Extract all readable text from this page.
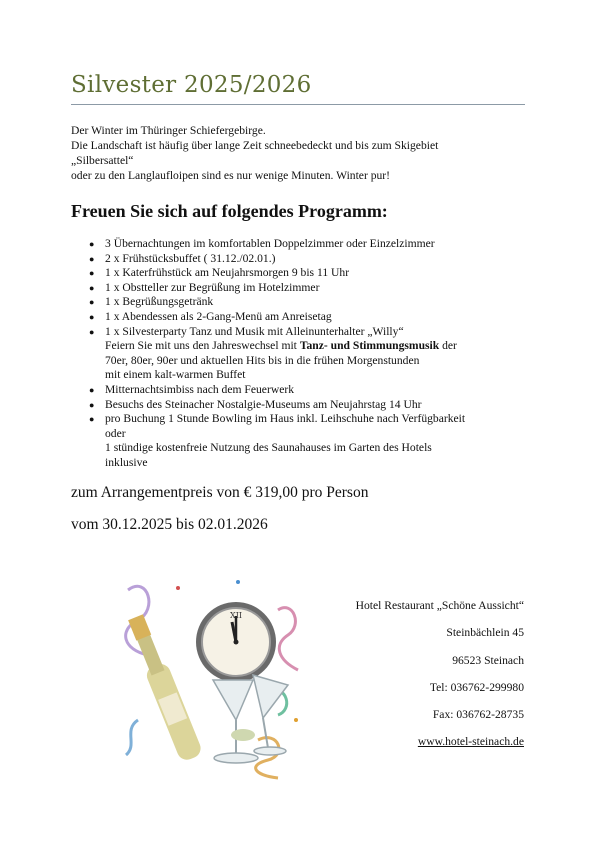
Silvester 2025/2026
Der Winter im Thüringer Schiefergebirge.
Die Landschaft ist häufig über lange Zeit schneebedeckt und bis zum Skigebiet
„Silbersattel“
oder zu den Langlaufloipen sind es nur wenige Minuten. Winter pur!
Freuen Sie sich auf folgendes Programm:
● 3 Übernachtungen im komfortablen Doppelzimmer oder Einzelzimmer
● 2 x Frühstücksbuffet ( 31.12./02.01.)
● 1 x Katerfrühstück am Neujahrsmorgen 9 bis 11 Uhr
● 1 x Obstteller zur Begrüßung im Hotelzimmer
● 1 x Begrüßungsgetränk
● 1 x Abendessen als 2-Gang-Menü am Anreisetag
● 1 x Silvesterparty Tanz und Musik mit Alleinunterhalter „Willy“
Feiern Sie mit uns den Jahreswechsel mit Tanz- und Stimmungsmusik der
70er, 80er, 90er und aktuellen Hits bis in die frühen Morgenstunden
mit einem kalt-warmen Buffet
● Mitternachtsimbiss nach dem Feuerwerk
● Besuchs des Steinacher Nostalgie-Museums am Neujahrstag 14 Uhr
● pro Buchung 1 Stunde Bowling im Haus inkl. Leihschuhe nach Verfügbarkeit
oder
1 stündige kostenfreie Nutzung des Saunahauses im Garten des Hotels
inklusive
zum Arrangementpreis von € 319,00 pro Person
vom 30.12.2025 bis 02.01.2026
XII
Hotel Restaurant „Schöne Aussicht“
Steinbächlein 45
96523 Steinach
Tel: 036762-299980
Fax: 036762-28735
www.hotel-steinach.de
